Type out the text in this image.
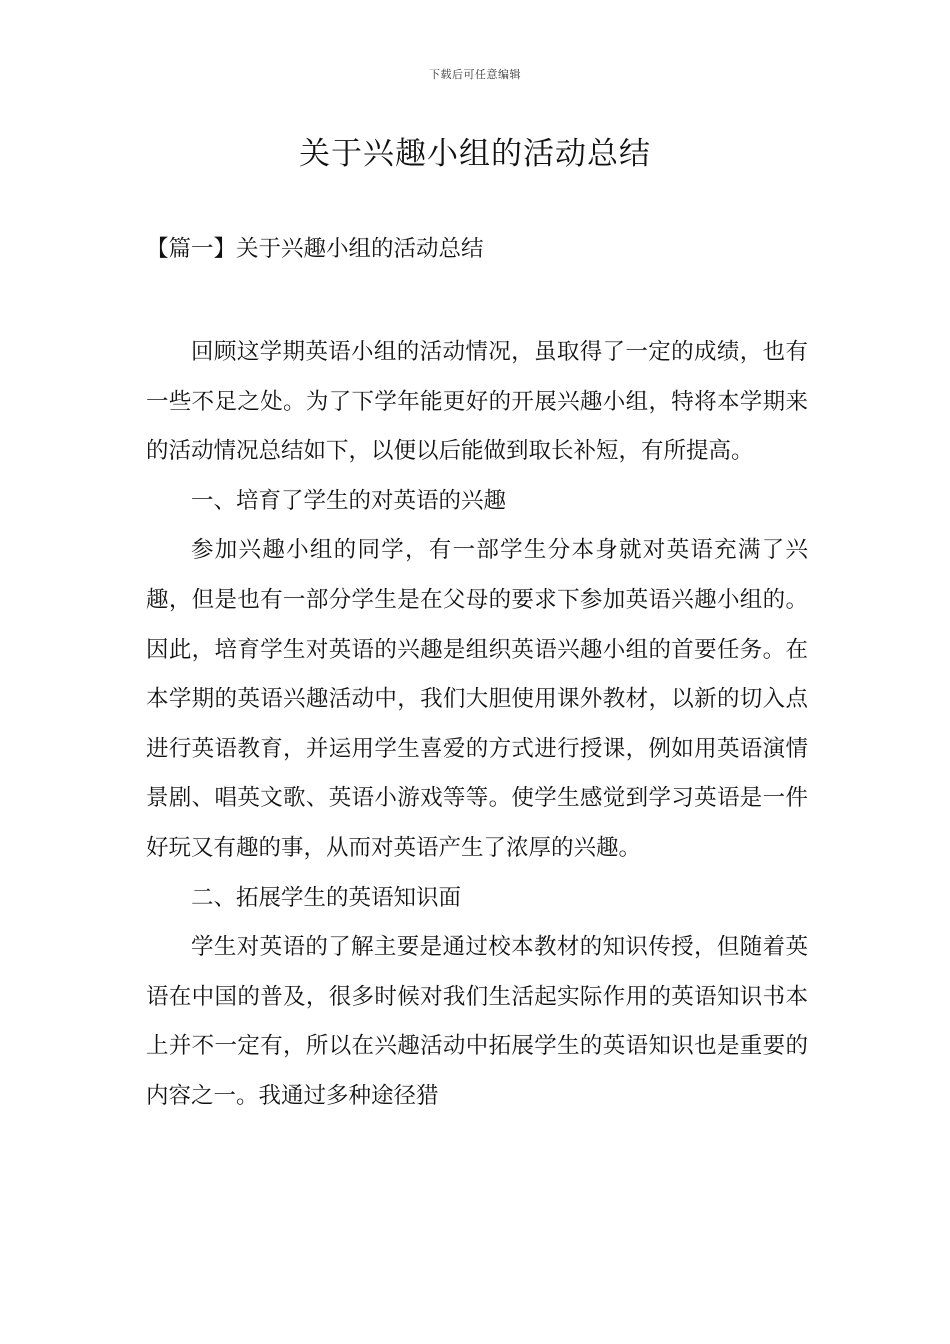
下载后可任意编辑
关于兴趣小组的活动总结
【篇一】关于兴趣小组的活动总结

回顾这学期英语小组的活动情况，虽取得了一定的成绩，也有一些不足之处。为了下学年能更好的开展兴趣小组，特将本学期来的活动情况总结如下，以便以后能做到取长补短，有所提高。

一、培育了学生的对英语的兴趣

参加兴趣小组的同学，有一部学生分本身就对英语充满了兴趣，但是也有一部分学生是在父母的要求下参加英语兴趣小组的。因此，培育学生对英语的兴趣是组织英语兴趣小组的首要任务。在本学期的英语兴趣活动中，我们大胆使用课外教材，以新的切入点进行英语教育，并运用学生喜爱的方式进行授课，例如用英语演情景剧、唱英文歌、英语小游戏等等。使学生感觉到学习英语是一件好玩又有趣的事，从而对英语产生了浓厚的兴趣。

二、拓展学生的英语知识面

学生对英语的了解主要是通过校本教材的知识传授，但随着英语在中国的普及，很多时候对我们生活起实际作用的英语知识书本上并不一定有，所以在兴趣活动中拓展学生的英语知识也是重要的内容之一。我通过多种途径猎
